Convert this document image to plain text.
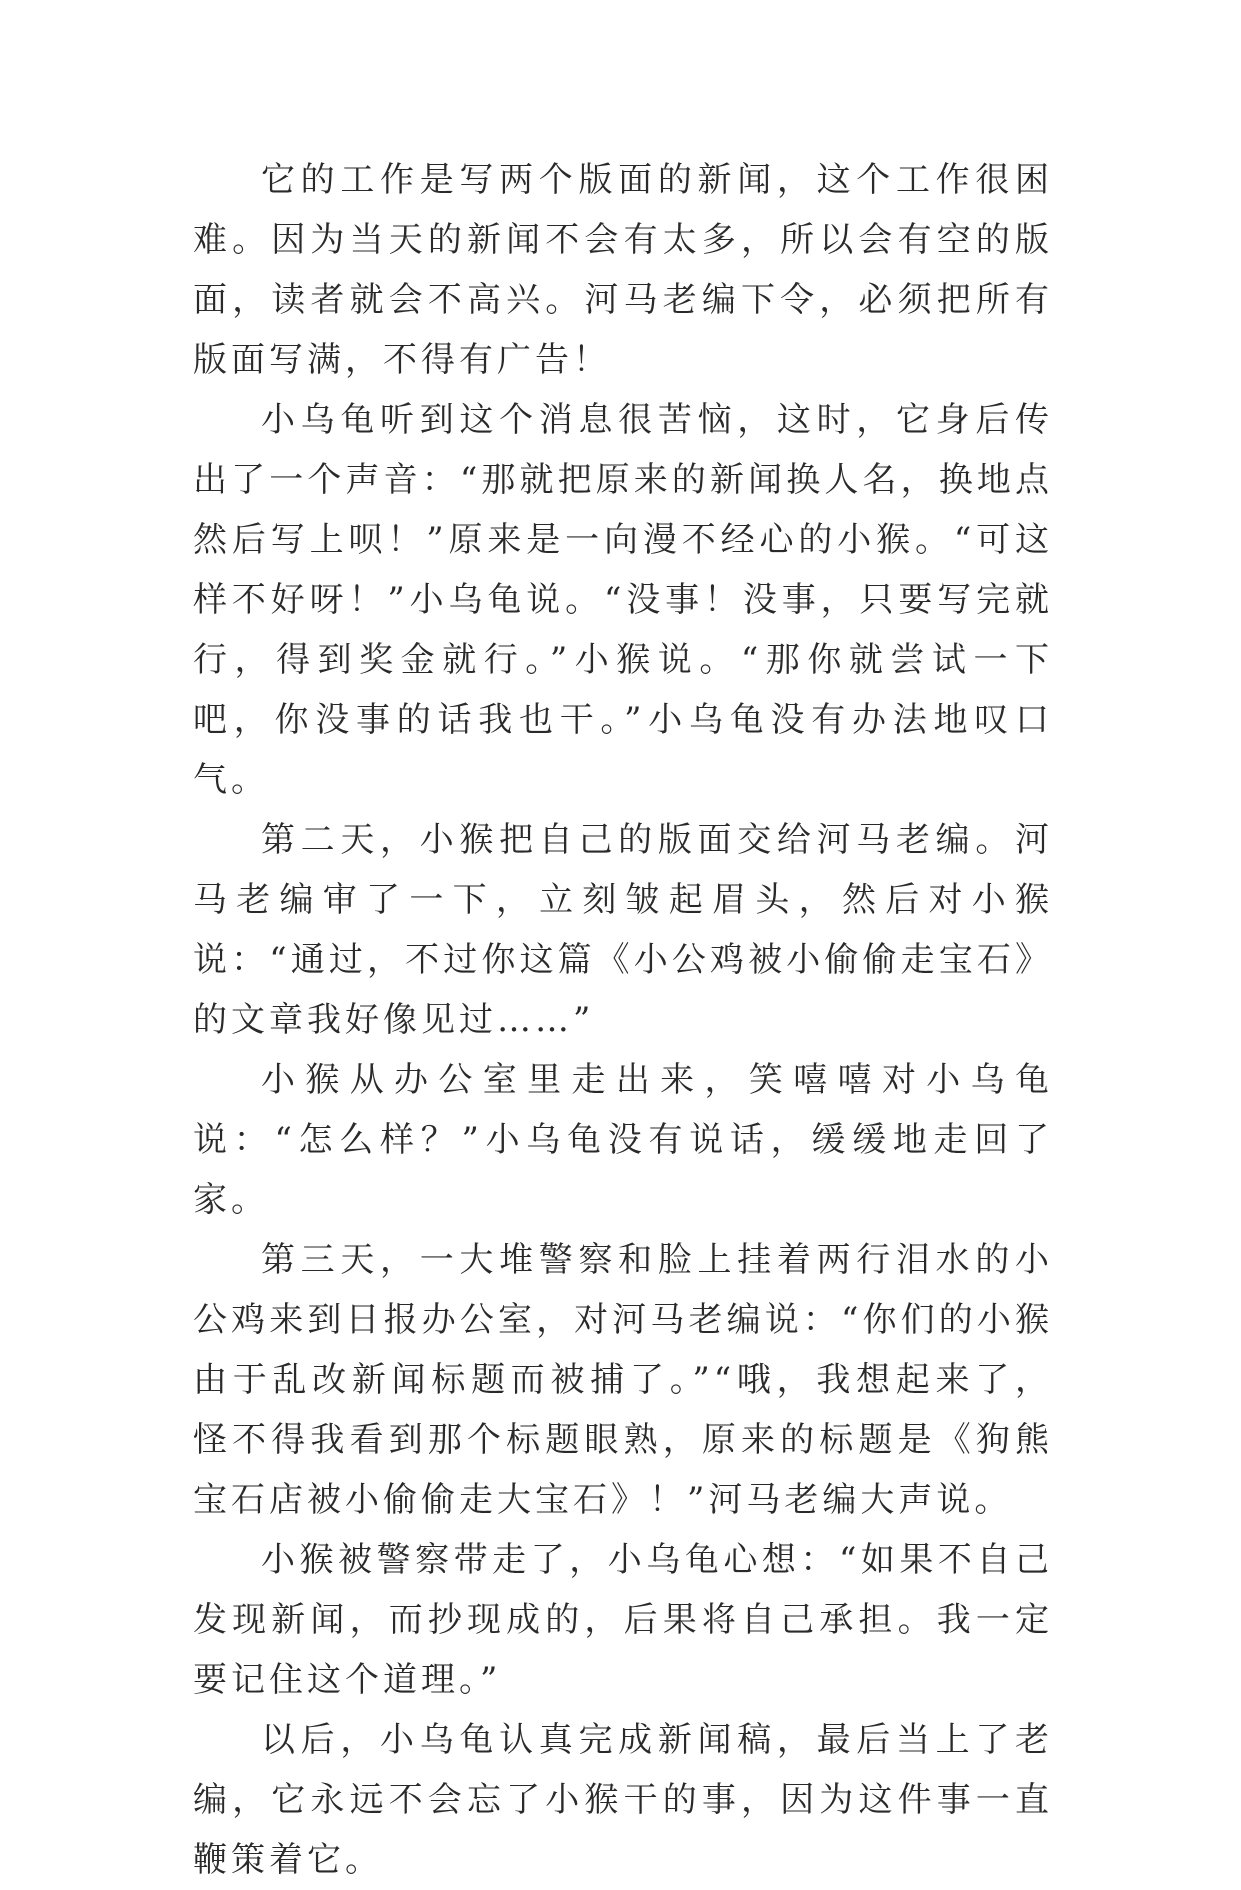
它的工作是写两个版面的新闻，这个工作很困难。因为当天的新闻不会有太多，所以会有空的版面，读者就会不高兴。河马老编下令，必须把所有版面写满，不得有广告！

小乌龟听到这个消息很苦恼，这时，它身后传出了一个声音：“那就把原来的新闻换人名，换地点然后写上呗！”原来是一向漫不经心的小猴。“可这样不好呀！”小乌龟说。“没事！没事，只要写完就行，得到奖金就行。”小猴说。“那你就尝试一下吧，你没事的话我也干。”小乌龟没有办法地叹口气。

第二天，小猴把自己的版面交给河马老编。河马老编审了一下，立刻皱起眉头，然后对小猴说：“通过，不过你这篇《小公鸡被小偷偷走宝石》的文章我好像见过……”

小猴从办公室里走出来，笑嘻嘻对小乌龟说：“怎么样？”小乌龟没有说话，缓缓地走回了家。

第三天，一大堆警察和脸上挂着两行泪水的小公鸡来到日报办公室，对河马老编说：“你们的小猴由于乱改新闻标题而被捕了。”“哦，我想起来了，怪不得我看到那个标题眼熟，原来的标题是《狗熊宝石店被小偷偷走大宝石》！”河马老编大声说。

小猴被警察带走了，小乌龟心想：“如果不自己发现新闻，而抄现成的，后果将自己承担。我一定要记住这个道理。”

以后，小乌龟认真完成新闻稿，最后当上了老编，它永远不会忘了小猴干的事，因为这件事一直鞭策着它。
